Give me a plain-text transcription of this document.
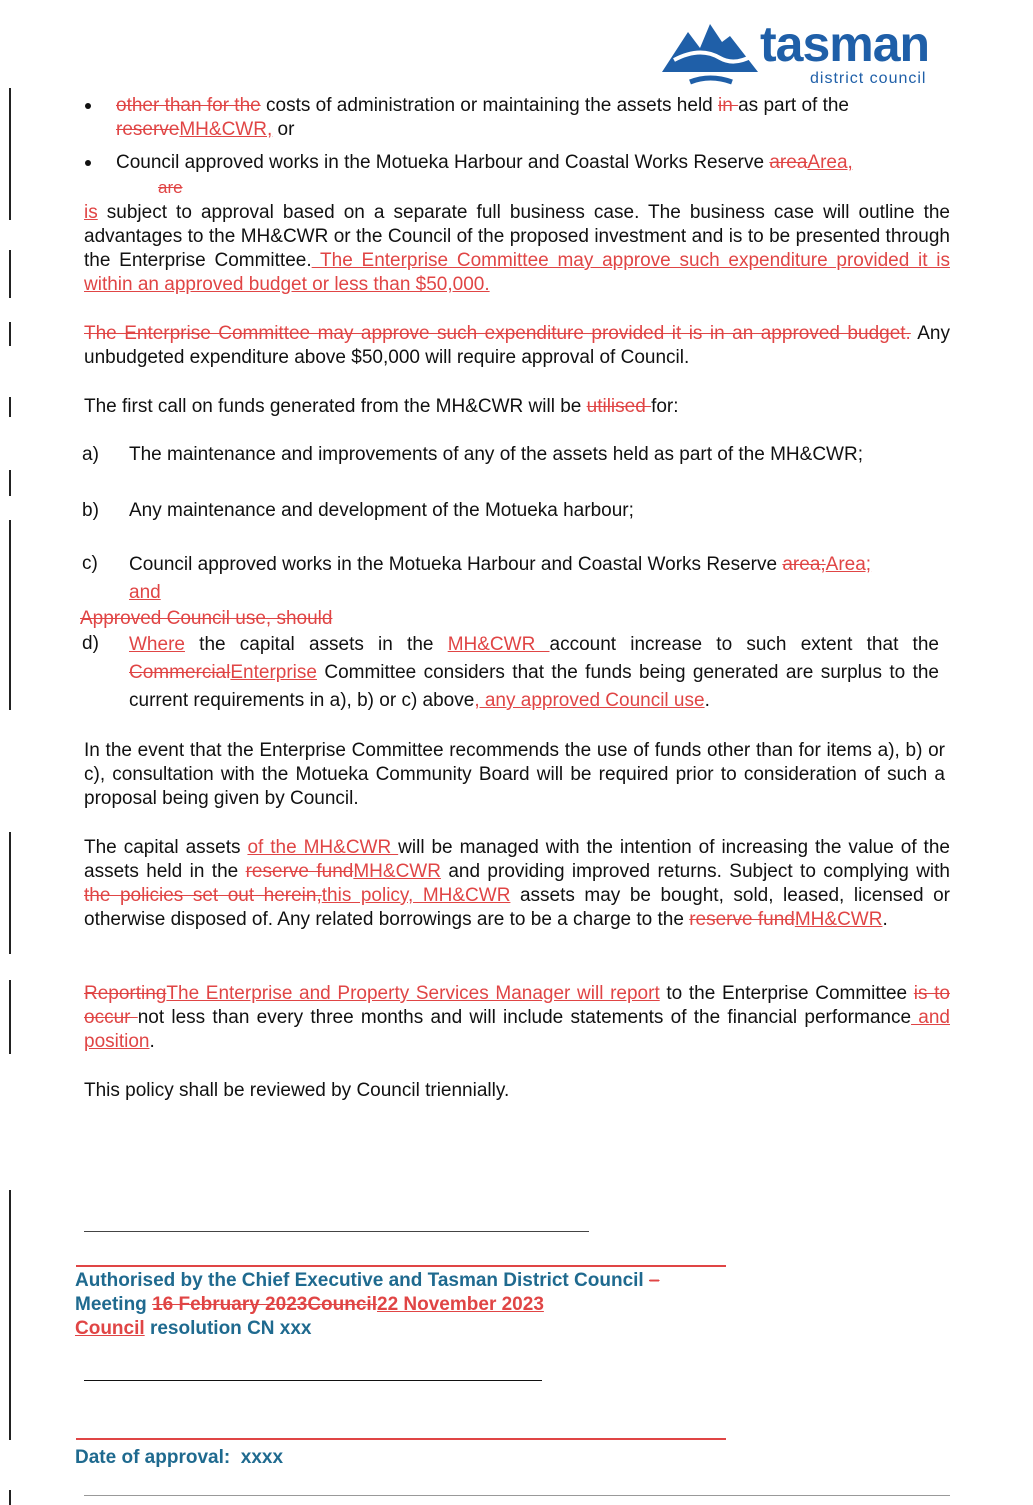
tasman
district council
other than for the costs of administration or maintaining the assets held in as part of the
reserveMH&CWR, or
Council approved works in the Motueka Harbour and Coastal Works Reserve areaArea,
are
is subject to approval based on a separate full business case. The business case will outline the advantages to the MH&CWR or the Council of the proposed investment and is to be presented through the Enterprise Committee. The Enterprise Committee may approve such expenditure provided it is within an approved budget or less than $50,000.
The Enterprise Committee may approve such expenditure provided it is in an approved budget. Any unbudgeted expenditure above $50,000 will require approval of Council.
The first call on funds generated from the MH&CWR will be utilised for:
a) The maintenance and improvements of any of the assets held as part of the MH&CWR;
b) Any maintenance and development of the Motueka harbour;
c) Council approved works in the Motueka Harbour and Coastal Works Reserve area;Area;
and
Approved Council use, should
d) Where the capital assets in the MH&CWR account increase to such extent that the CommercialEnterprise Committee considers that the funds being generated are surplus to the current requirements in a), b) or c) above, any approved Council use.
In the event that the Enterprise Committee recommends the use of funds other than for items a), b) or c), consultation with the Motueka Community Board will be required prior to consideration of such a proposal being given by Council.
The capital assets of the MH&CWR will be managed with the intention of increasing the value of the assets held in the reserve fundMH&CWR and providing improved returns. Subject to complying with the policies set out herein,this policy, MH&CWR assets may be bought, sold, leased, licensed or otherwise disposed of. Any related borrowings are to be a charge to the reserve fundMH&CWR.
ReportingThe Enterprise and Property Services Manager will report to the Enterprise Committee is to occur not less than every three months and will include statements of the financial performance and position.
This policy shall be reviewed by Council triennially.
Authorised by the Chief Executive and Tasman District Council –
Meeting 16 February 2023Council22 November 2023
Council resolution CN xxx
Date of approval: xxxx
